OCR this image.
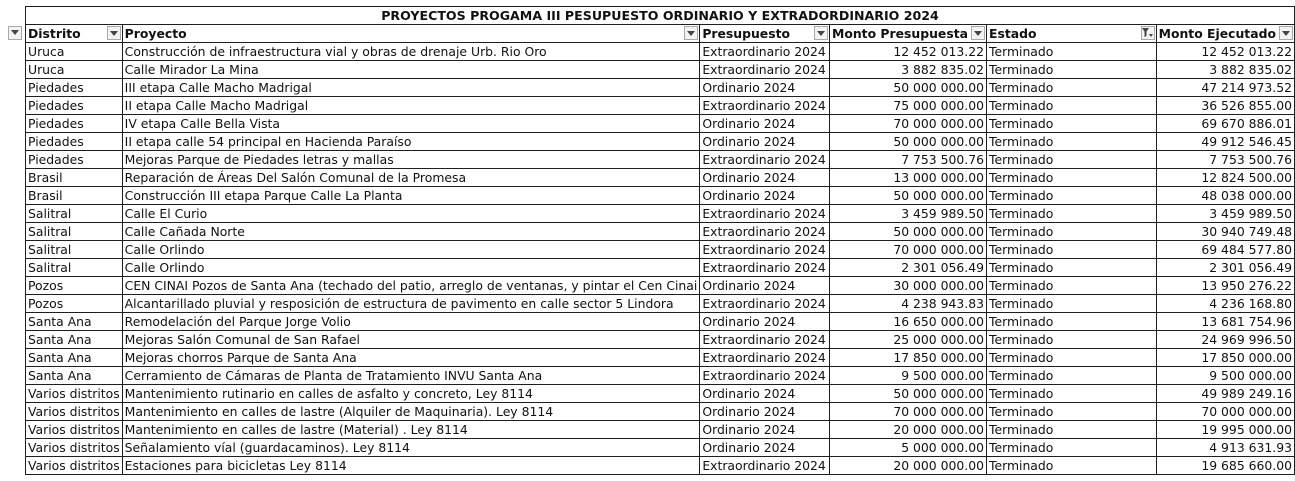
	PROYECTOS PROGAMA III PESUPUESTO ORDINARIO Y EXTRADORDINARIO 2024					

	Distrito	Proyecto	Presupuesto	Monto Presupuesta	Estado	Monto Ejecutado

	Uruca	Construcción de infraestructura vial y obras de drenaje Urb. Rio Oro	Extraordinario 2024	12 452 013.22	Terminado	12 452 013.22
	Uruca	Calle Mirador La Mina	Extraordinario 2024	3 882 835.02	Terminado	3 882 835.02
	Piedades	III etapa Calle Macho Madrigal	Ordinario 2024	50 000 000.00	Terminado	47 214 973.52
	Piedades	II etapa Calle Macho Madrigal	Extraordinario 2024	75 000 000.00	Terminado	36 526 855.00
	Piedades	IV etapa Calle Bella Vista	Ordinario 2024	70 000 000.00	Terminado	69 670 886.01
	Piedades	II etapa calle 54 principal en Hacienda Paraíso	Ordinario 2024	50 000 000.00	Terminado	49 912 546.45
	Piedades	Mejoras Parque de Piedades letras y mallas	Extraordinario 2024	7 753 500.76	Terminado	7 753 500.76
	Brasil	Reparación de Áreas Del Salón Comunal de la Promesa	Ordinario 2024	13 000 000.00	Terminado	12 824 500.00
	Brasil	Construcción III etapa Parque Calle La Planta	Ordinario 2024	50 000 000.00	Terminado	48 038 000.00
	Salitral	Calle El Curio	Extraordinario 2024	3 459 989.50	Terminado	3 459 989.50
	Salitral	Calle Cañada Norte	Extraordinario 2024	50 000 000.00	Terminado	30 940 749.48
	Salitral	Calle Orlindo	Extraordinario 2024	70 000 000.00	Terminado	69 484 577.80
	Salitral	Calle Orlindo	Extraordinario 2024	2 301 056.49	Terminado	2 301 056.49
	Pozos	CEN CINAI Pozos de Santa Ana (techado del patio, arreglo de ventanas, y pintar el Cen Cinai	Ordinario 2024	30 000 000.00	Terminado	13 950 276.22
	Pozos	Alcantarillado pluvial y resposición de estructura de pavimento en calle sector 5 Lindora	Extraordinario 2024	4 238 943.83	Terminado	4 236 168.80
	Santa Ana	Remodelación del Parque Jorge Volio	Ordinario 2024	16 650 000.00	Terminado	13 681 754.96
	Santa Ana	Mejoras Salón Comunal de San Rafael	Extraordinario 2024	25 000 000.00	Terminado	24 969 996.50
	Santa Ana	Mejoras chorros Parque de Santa Ana	Extraordinario 2024	17 850 000.00	Terminado	17 850 000.00
	Santa Ana	Cerramiento de Cámaras de Planta de Tratamiento INVU Santa Ana	Extraordinario 2024	9 500 000.00	Terminado	9 500 000.00
	Varios distritos	Mantenimiento rutinario en calles de asfalto y concreto, Ley 8114	Ordinario 2024	50 000 000.00	Terminado	49 989 249.16
	Varios distritos	Mantenimiento en calles de lastre (Alquiler de Maquinaria). Ley 8114	Ordinario 2024	70 000 000.00	Terminado	70 000 000.00
	Varios distritos	Mantenimiento en calles de lastre (Material) . Ley 8114	Ordinario 2024	20 000 000.00	Terminado	19 995 000.00
	Varios distritos	Señalamiento víal (guardacaminos). Ley 8114	Ordinario 2024	5 000 000.00	Terminado	4 913 631.93
	Varios distritos	Estaciones para bicicletas Ley 8114	Extraordinario 2024	20 000 000.00	Terminado	19 685 660.00
